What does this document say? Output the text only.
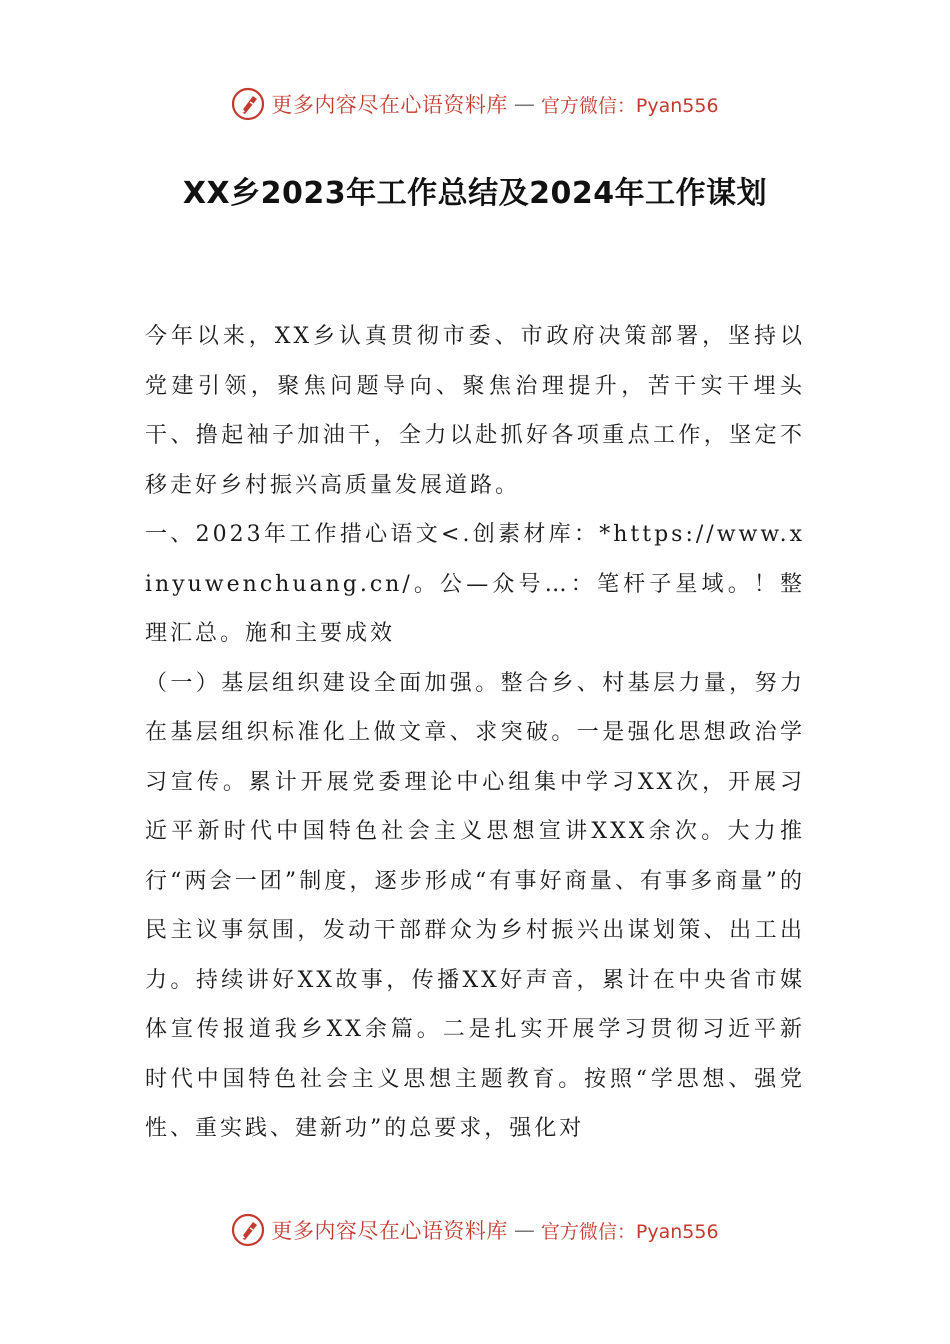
更多内容尽在心语资料库 — 官方微信：Pyan556
XX乡2023年工作总结及2024年工作谋划

今年以来，XX乡认真贯彻市委、市政府决策部署，坚持以党建引领，聚焦问题导向、聚焦治理提升，苦干实干埋头干、撸起袖子加油干，全力以赴抓好各项重点工作，坚定不移走好乡村振兴高质量发展道路。

一、2023年工作措心语文<.创素材库：*https://www.xinyuwenchuang.cn/。公—众号…：笔杆子星域。！整理汇总。施和主要成效

（一）基层组织建设全面加强。整合乡、村基层力量，努力在基层组织标准化上做文章、求突破。一是强化思想政治学习宣传。累计开展党委理论中心组集中学习XX次，开展习近平新时代中国特色社会主义思想宣讲XXX余次。大力推行“两会一团”制度，逐步形成“有事好商量、有事多商量”的民主议事氛围，发动干部群众为乡村振兴出谋划策、出工出力。持续讲好XX故事，传播XX好声音，累计在中央省市媒体宣传报道我乡XX余篇。二是扎实开展学习贯彻习近平新时代中国特色社会主义思想主题教育。按照“学思想、强党性、重实践、建新功”的总要求，强化对

更多内容尽在心语资料库 — 官方微信：Pyan556
